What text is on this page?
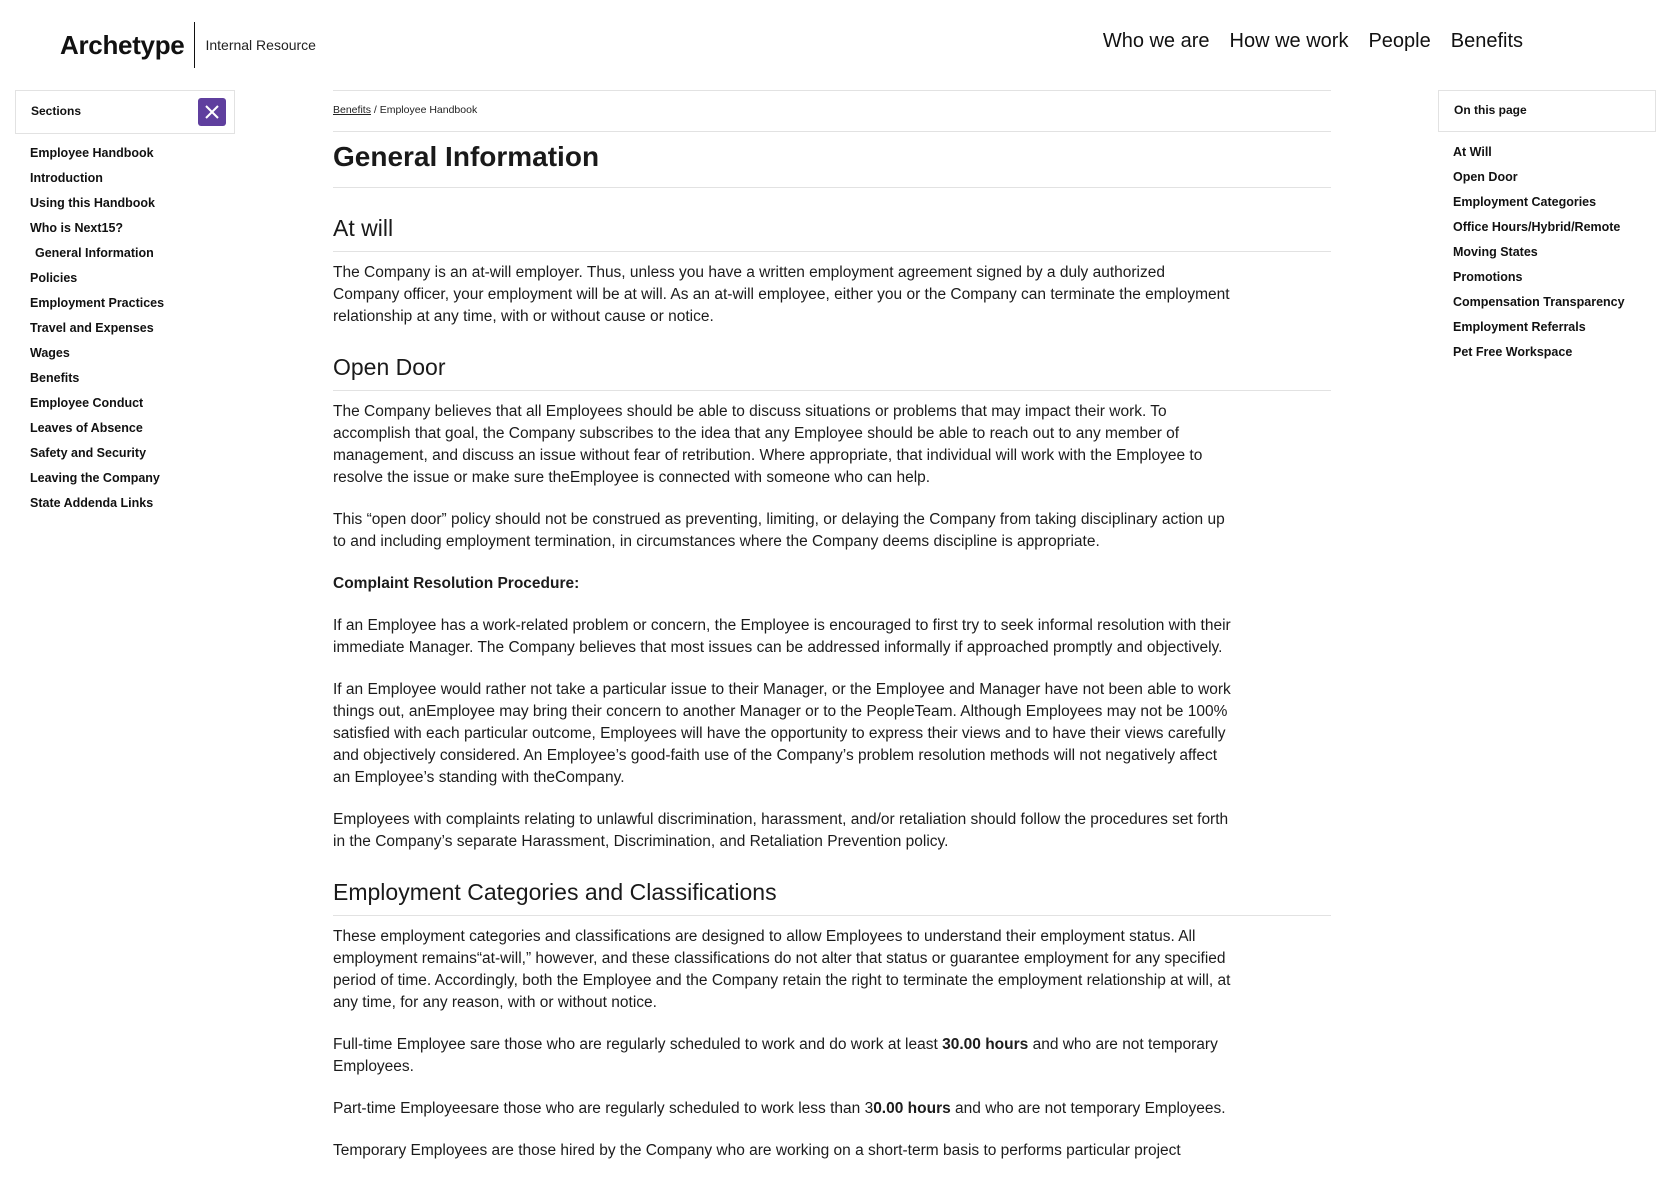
Archetype	Internal Resource	Who we are How we work People Benefits
Sections
Employee Handbook
Introduction
Using this Handbook
Who is Next15?
General Information
Policies
Employment Practices
Travel and Expenses
Wages
Benefits
Employee Conduct
Leaves of Absence
Safety and Security
Leaving the Company
State Addenda Links
Benefits / Employee Handbook
General Information
At will

The Company is an at-will employer. Thus, unless you have a written employment agreement signed by a duly authorized Company officer, your employment will be at will. As an at-will employee, either you or the Company can terminate the employment relationship at any time, with or without cause or notice.

Open Door

The Company believes that all Employees should be able to discuss situations or problems that may impact their work. To accomplish that goal, the Company subscribes to the idea that any Employee should be able to reach out to any member of management, and discuss an issue without fear of retribution. Where appropriate, that individual will work with the Employee to resolve the issue or make sure theEmployee is connected with someone who can help.

This “open door” policy should not be construed as preventing, limiting, or delaying the Company from taking disciplinary action up to and including employment termination, in circumstances where the Company deems discipline is appropriate.

Complaint Resolution Procedure:

If an Employee has a work-related problem or concern, the Employee is encouraged to first try to seek informal resolution with their immediate Manager. The Company believes that most issues can be addressed informally if approached promptly and objectively.

If an Employee would rather not take a particular issue to their Manager, or the Employee and Manager have not been able to work things out, anEmployee may bring their concern to another Manager or to the PeopleTeam. Although Employees may not be 100% satisfied with each particular outcome, Employees will have the opportunity to express their views and to have their views carefully and objectively considered. An Employee’s good-faith use of the Company’s problem resolution methods will not negatively affect an Employee’s standing with theCompany.

Employees with complaints relating to unlawful discrimination, harassment, and/or retaliation should follow the procedures set forth in the Company’s separate Harassment, Discrimination, and Retaliation Prevention policy.

Employment Categories and Classifications

These employment categories and classifications are designed to allow Employees to understand their employment status. All employment remains“at-will,” however, and these classifications do not alter that status or guarantee employment for any specified period of time. Accordingly, both the Employee and the Company retain the right to terminate the employment relationship at will, at any time, for any reason, with or without notice.

Full-time Employee sare those who are regularly scheduled to work and do work at least 30.00 hours and who are not temporary Employees.

Part-time Employeesare those who are regularly scheduled to work less than 30.00 hours and who are not temporary Employees.

Temporary Employees are those hired by the Company who are working on a short-term basis to performs particular project

On this page
At Will
Open Door
Employment Categories
Office Hours/Hybrid/Remote
Moving States
Promotions
Compensation Transparency
Employment Referrals
Pet Free Workspace
